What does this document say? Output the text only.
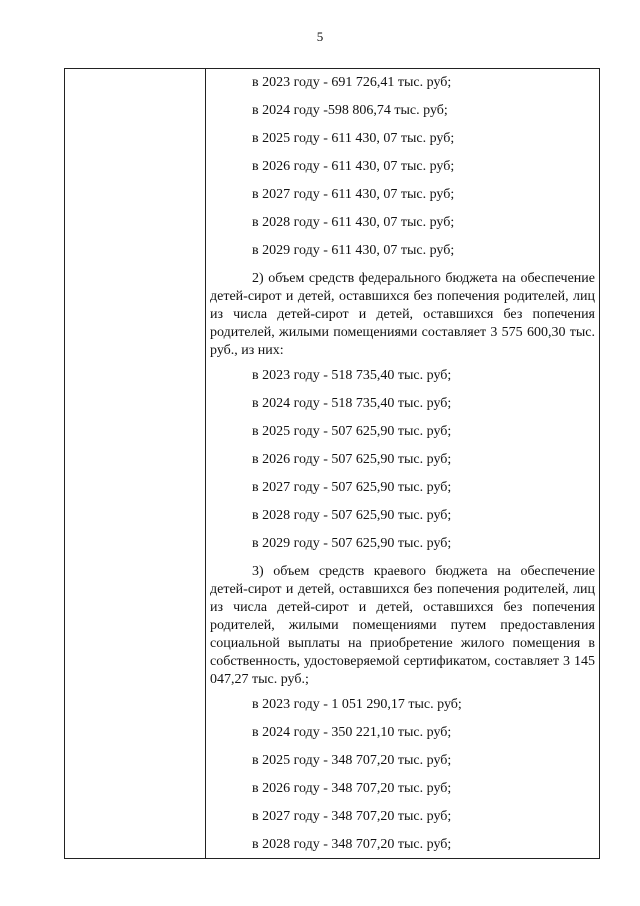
5
в 2023 году - 691 726,41 тыс. руб;
в 2024 году -598 806,74 тыс. руб;
в 2025 году - 611 430, 07 тыс. руб;
в 2026 году - 611 430, 07 тыс. руб;
в 2027 году - 611 430, 07 тыс. руб;
в 2028 году - 611 430, 07 тыс. руб;
в 2029 году - 611 430, 07 тыс. руб;
2) объем средств федерального бюджета на обеспечение детей-сирот и детей, оставшихся без попечения родителей, лиц из числа детей-сирот и детей, оставшихся без попечения родителей, жилыми помещениями составляет 3 575 600,30 тыс. руб., из них:
в 2023 году - 518 735,40 тыс. руб;
в 2024 году - 518 735,40 тыс. руб;
в 2025 году - 507 625,90 тыс. руб;
в 2026 году - 507 625,90 тыс. руб;
в 2027 году - 507 625,90 тыс. руб;
в 2028 году - 507 625,90 тыс. руб;
в 2029 году - 507 625,90 тыс. руб;
3) объем средств краевого бюджета на обеспечение детей-сирот и детей, оставшихся без попечения родителей, лиц из числа детей-сирот и детей, оставшихся без попечения родителей, жилыми помещениями путем предоставления социальной выплаты на приобретение жилого помещения в собственность, удостоверяемой сертификатом, составляет 3 145 047,27 тыс. руб.;
в 2023 году - 1 051 290,17 тыс. руб;
в 2024 году - 350 221,10 тыс. руб;
в 2025 году - 348 707,20 тыс. руб;
в 2026 году - 348 707,20 тыс. руб;
в 2027 году - 348 707,20 тыс. руб;
в 2028 году - 348 707,20 тыс. руб;
